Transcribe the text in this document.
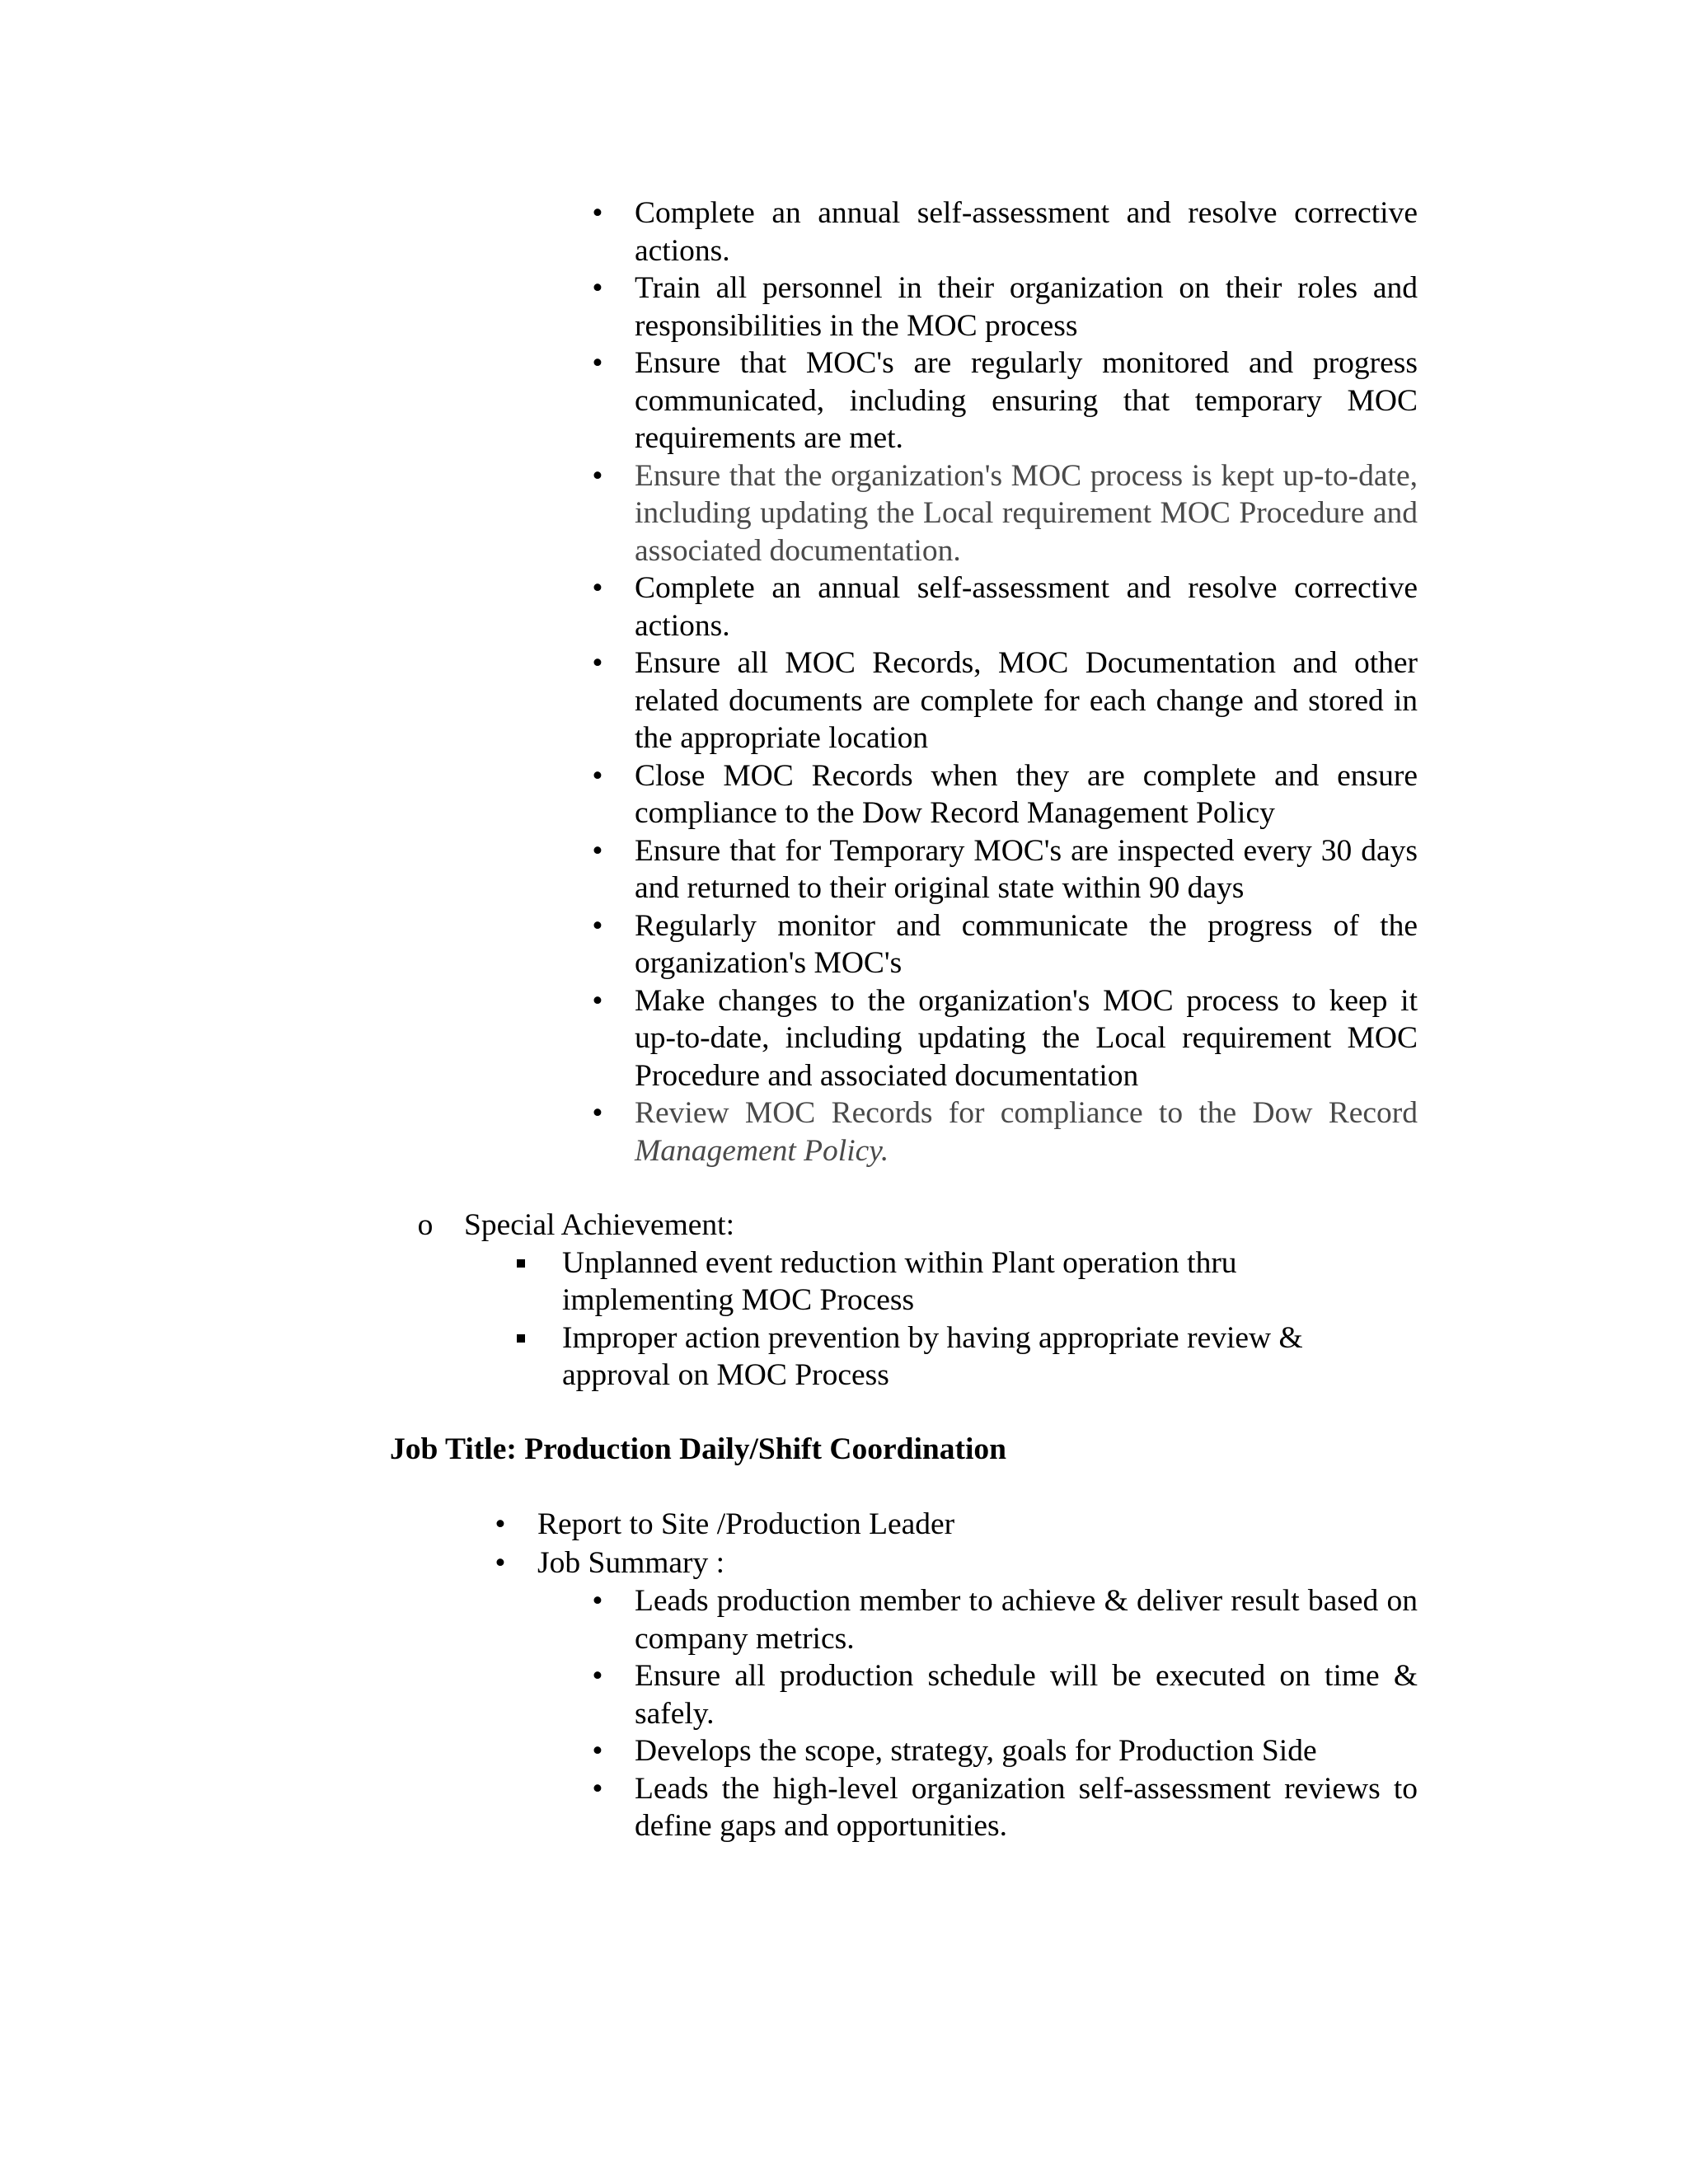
• Complete an annual self-assessment and resolve corrective actions.
• Train all personnel in their organization on their roles and responsibilities in the MOC process
• Ensure that MOC's are regularly monitored and progress communicated, including ensuring that temporary MOC requirements are met.
• Ensure that the organization's MOC process is kept up-to-date, including updating the Local requirement MOC Procedure and associated documentation.
• Complete an annual self-assessment and resolve corrective actions.
• Ensure all MOC Records, MOC Documentation and other related documents are complete for each change and stored in the appropriate location
• Close MOC Records when they are complete and ensure compliance to the Dow Record Management Policy
• Ensure that for Temporary MOC's are inspected every 30 days and returned to their original state within 90 days
• Regularly monitor and communicate the progress of the organization's MOC's
• Make changes to the organization's MOC process to keep it up-to-date, including updating the Local requirement MOC Procedure and associated documentation
• Review MOC Records for compliance to the Dow Record Management Policy.
o Special Achievement:
Unplanned event reduction within Plant operation thru implementing MOC Process
Improper action prevention by having appropriate review & approval on MOC Process
Job Title: Production Daily/Shift Coordination
• Report to Site /Production Leader
• Job Summary :
• Leads production member to achieve & deliver result based on company metrics.
• Ensure all production schedule will be executed on time & safely.
• Develops the scope, strategy, goals for Production Side
• Leads the high-level organization self-assessment reviews to define gaps and opportunities.
